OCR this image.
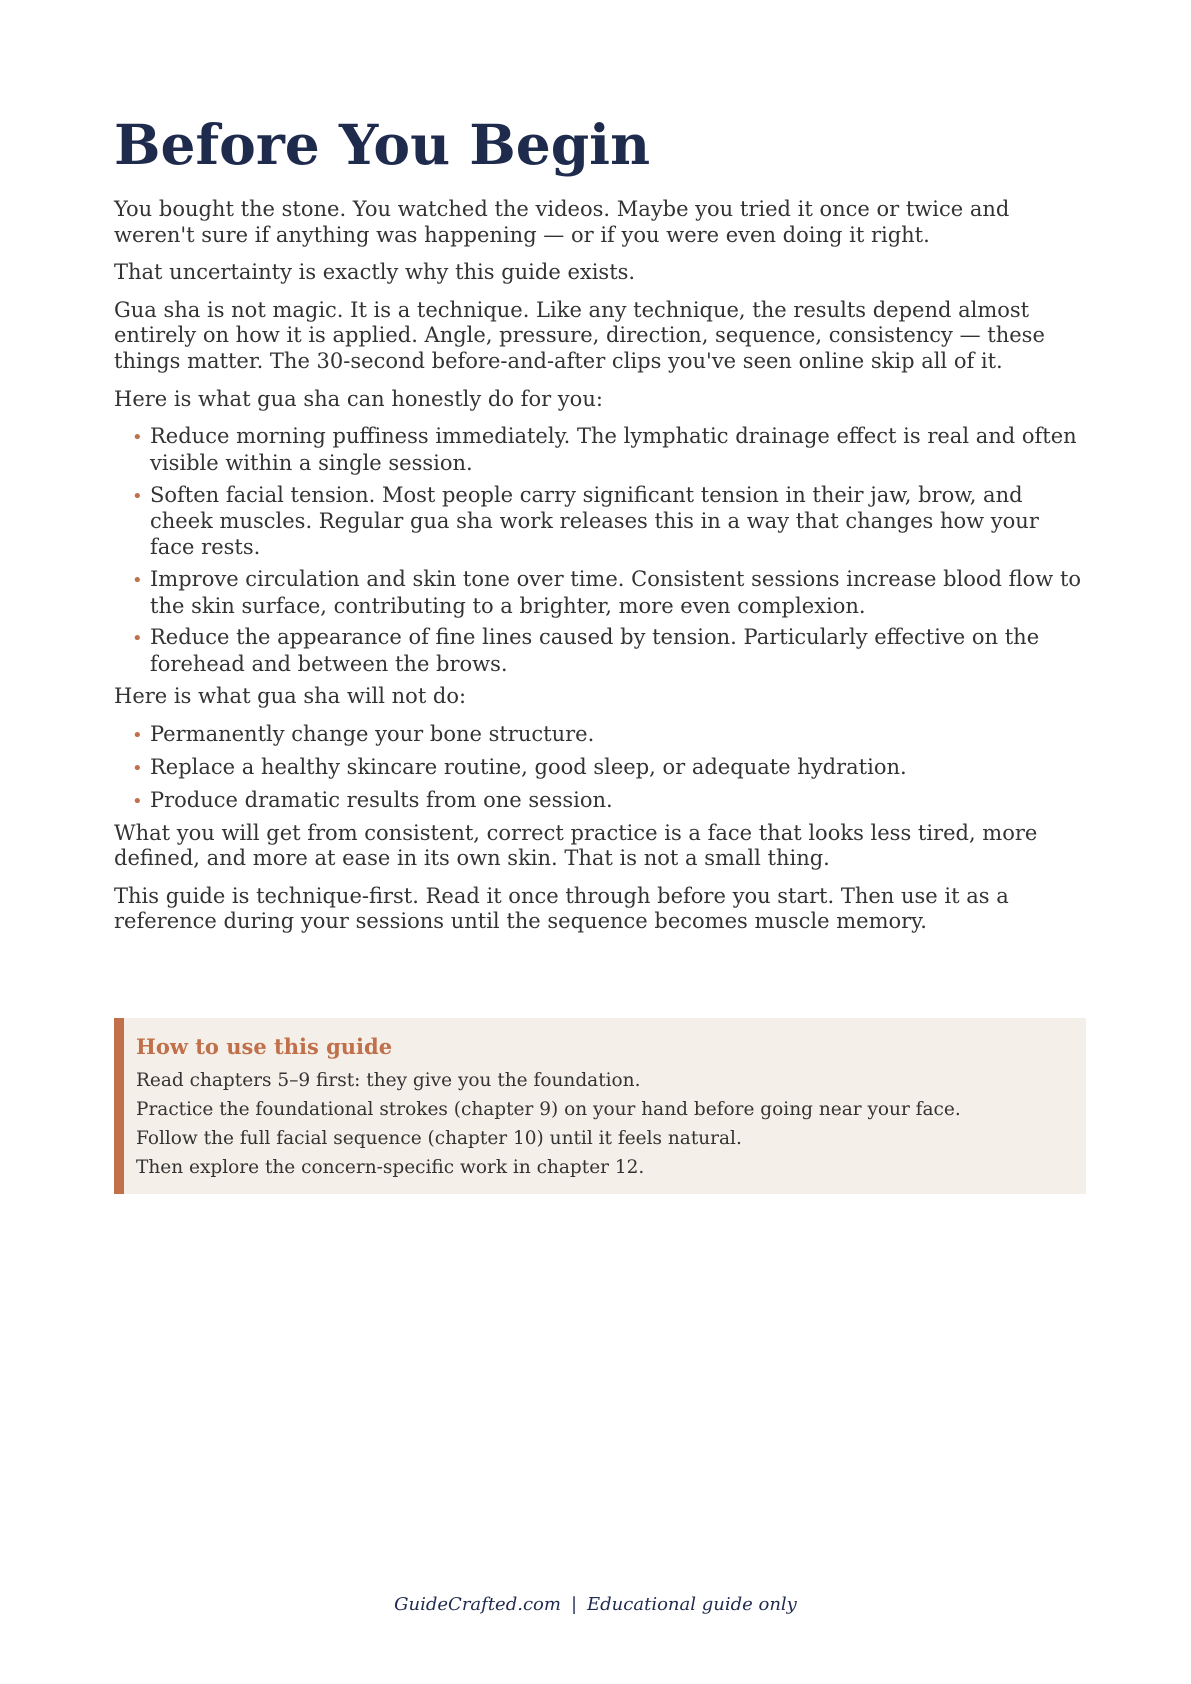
Before You Begin

You bought the stone. You watched the videos. Maybe you tried it once or twice and weren't sure if anything was happening — or if you were even doing it right.

That uncertainty is exactly why this guide exists.

Gua sha is not magic. It is a technique. Like any technique, the results depend almost entirely on how it is applied. Angle, pressure, direction, sequence, consistency — these things matter. The 30-second before-and-after clips you've seen online skip all of it.

Here is what gua sha can honestly do for you:

• Reduce morning puffiness immediately. The lymphatic drainage effect is real and often visible within a single session.
• Soften facial tension. Most people carry significant tension in their jaw, brow, and cheek muscles. Regular gua sha work releases this in a way that changes how your face rests.
• Improve circulation and skin tone over time. Consistent sessions increase blood flow to the skin surface, contributing to a brighter, more even complexion.
• Reduce the appearance of fine lines caused by tension. Particularly effective on the forehead and between the brows.

Here is what gua sha will not do:

• Permanently change your bone structure.
• Replace a healthy skincare routine, good sleep, or adequate hydration.
• Produce dramatic results from one session.

What you will get from consistent, correct practice is a face that looks less tired, more defined, and more at ease in its own skin. That is not a small thing.

This guide is technique-first. Read it once through before you start. Then use it as a reference during your sessions until the sequence becomes muscle memory.

How to use this guide

Read chapters 5–9 first: they give you the foundation.

Practice the foundational strokes (chapter 9) on your hand before going near your face.

Follow the full facial sequence (chapter 10) until it feels natural.

Then explore the concern-specific work in chapter 12.

GuideCrafted.com | Educational guide only
